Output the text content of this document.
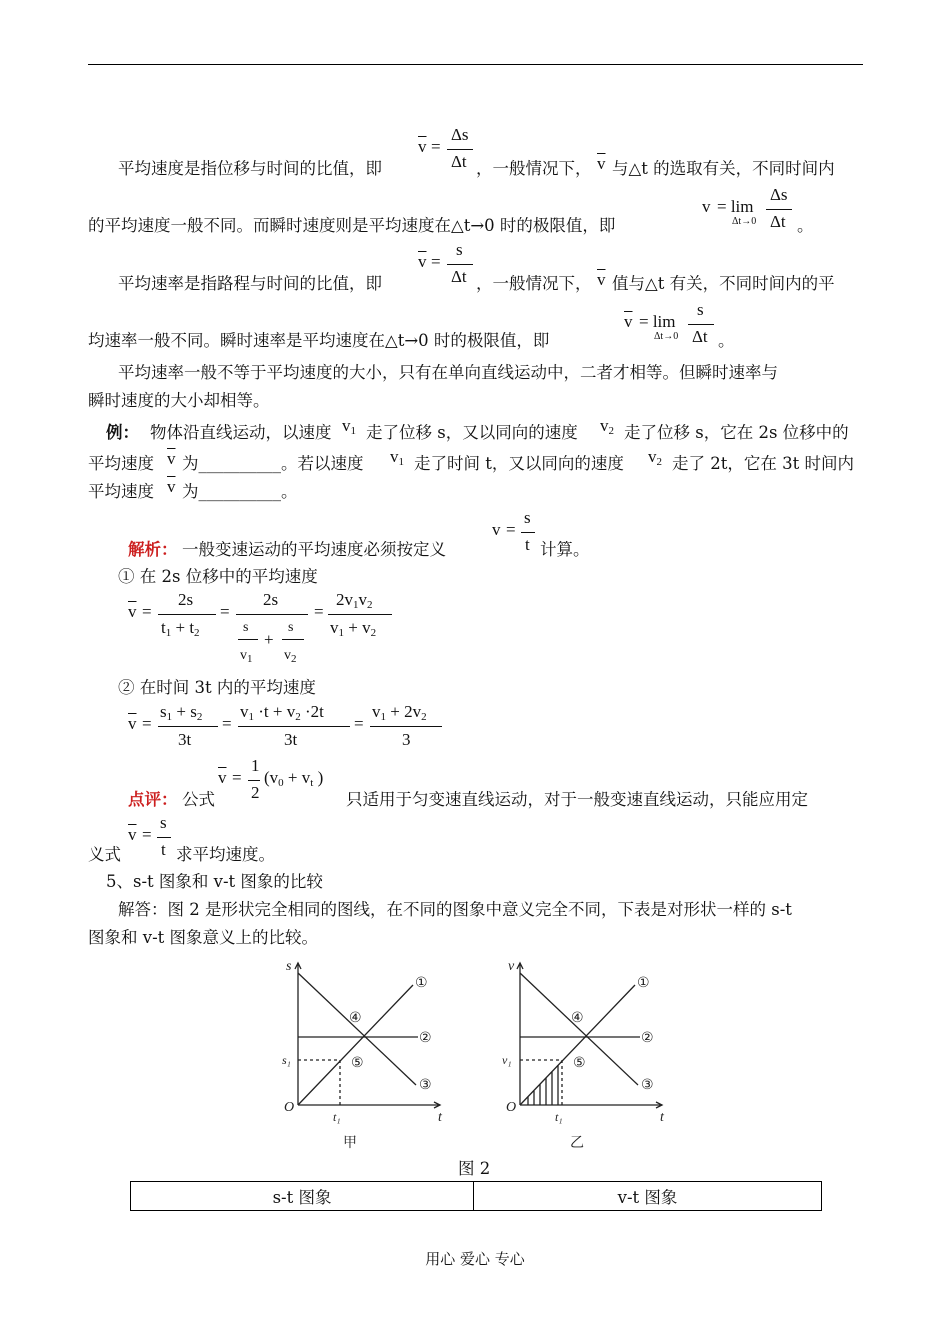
平均速度是指位移与时间的比值，即
$\overline{v}$ =
Δs
Δt ，一般情况下， $\overline{v}$ 与△t 的选取有关，不同时间内
的平均速度一般不同。而瞬时速度则是平均速度在△t→0 时的极限值，即
v = lim
Δt→0
Δs
Δt 。
平均速率是指路程与时间的比值，即
$\overline{v}$ =
s
Δt ，一般情况下， $\overline{v}$ 值与△t 有关，不同时间内的平
均速率一般不同。瞬时速率是平均速度在△t→0 时的极限值，即
$\overline{v} = \lim$
Δt→0
s
Δt 。
平均速率一般不等于平均速度的大小，只有在单向直线运动中，二者才相等。但瞬时速率与
瞬时速度的大小却相等。
例： 物体沿直线运动，以速度 $v_1$ 走了位移 s，又以同向的速度 $v_2$ 走了位移 s，它在 2s 位移中的
平均速度 $\overline{v}$ 为__________。若以速度 $v_1$ 走了时间 t，又以同向的速度 $v_2$ 走了 2t，它在 3t 时间内
平均速度 $\overline{v}$ 为__________。
解析： 一般变速运动的平均速度必须按定义
v =
s
t 计算。
① 在 2s 位移中的平均速度
$\overline{v}$ =
2s
$t_1 + t_2$
=
2s
s
$v_1$
+
s
$v_2$
=
$2v_1v_2$
$v_1 + v_2$
② 在时间 3t 内的平均速度
$\overline{v}$ =
$s_1 + s_2$
3t
=
$v_1 \cdot t + v_2 \cdot 2t$
3t
=
$v_1 + 2v_2$
3
点评： 公式
$\overline{v}$ =
1
2
($v_0 + v_t$ )
只适用于匀变速直线运动，对于一般变速直线运动，只能应用定
义式
$\overline{v}$ =
s
t 求平均速度。
5、s-t 图象和 v-t 图象的比较
解答：图 2 是形状完全相同的图线，在不同的图象中意义完全不同，下表是对形状一样的 s-t
图象和 v-t 图象意义上的比较。
s
t
O
s₁
t₁
①
②
③
④
⑤
甲
v
t
O
v₁
t₁
①
②
③
④
⑤
乙
图 2
s-t 图象	v-t 图象
用心 爱心 专心
